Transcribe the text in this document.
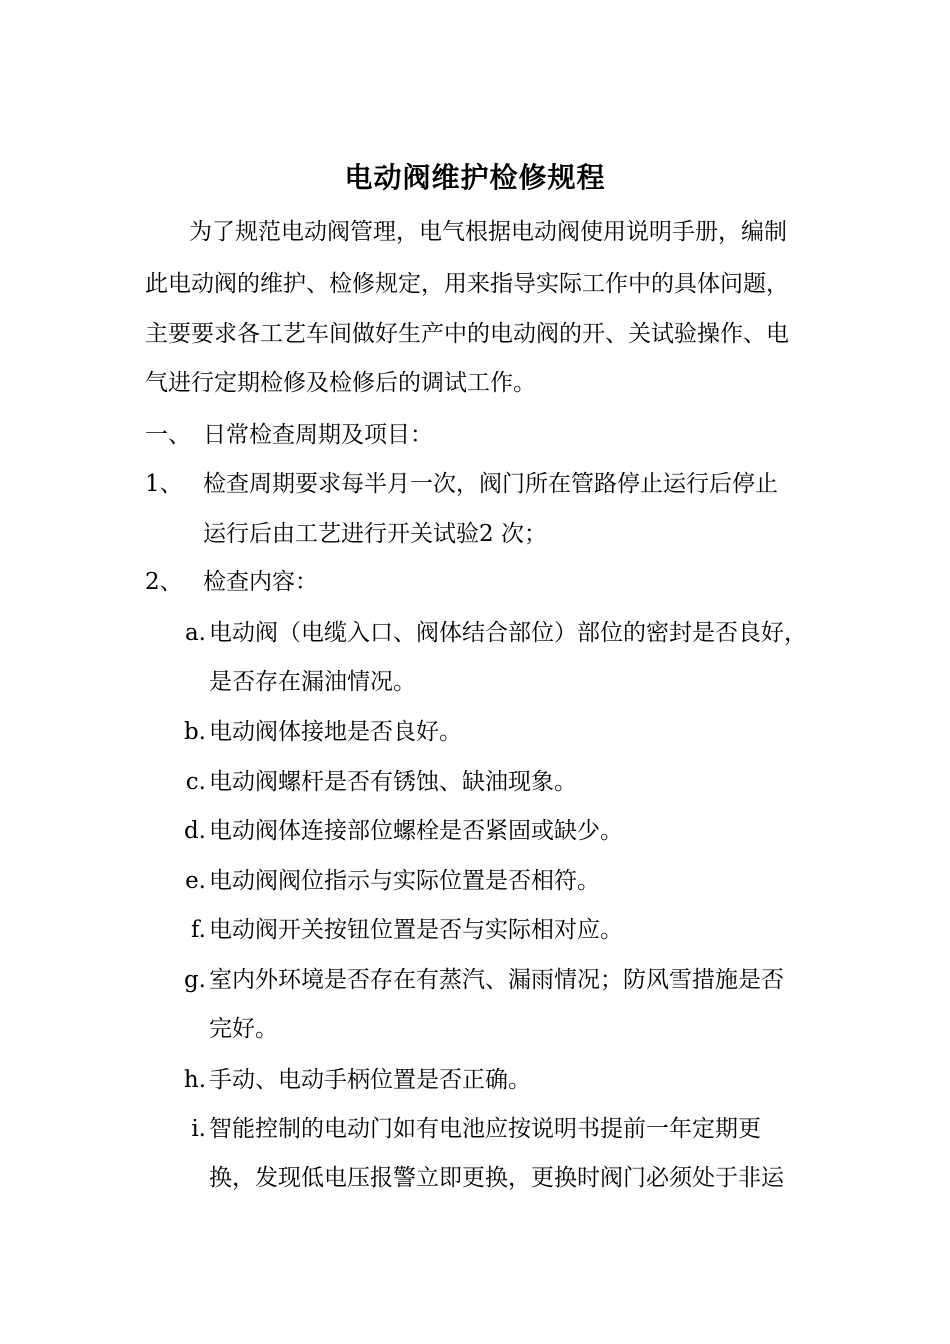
电动阀维护检修规程
为了规范电动阀管理，电气根据电动阀使用说明手册，编制
此电动阀的维护、检修规定，用来指导实际工作中的具体问题，
主要要求各工艺车间做好生产中的电动阀的开、关试验操作、电
气进行定期检修及检修后的调试工作。
一、 日常检查周期及项目：
1、 检查周期要求每半月一次，阀门所在管路停止运行后停止
运行后由工艺进行开关试验2 次；
2、 检查内容：
a. 电动阀（电缆入口、阀体结合部位）部位的密封是否良好，
是否存在漏油情况。
b. 电动阀体接地是否良好。
c. 电动阀螺杆是否有锈蚀、缺油现象。
d. 电动阀体连接部位螺栓是否紧固或缺少。
e. 电动阀阀位指示与实际位置是否相符。
f. 电动阀开关按钮位置是否与实际相对应。
g. 室内外环境是否存在有蒸汽、漏雨情况；防风雪措施是否
完好。
h. 手动、电动手柄位置是否正确。
i. 智能控制的电动门如有电池应按说明书提前一年定期更
换，发现低电压报警立即更换，更换时阀门必须处于非运
